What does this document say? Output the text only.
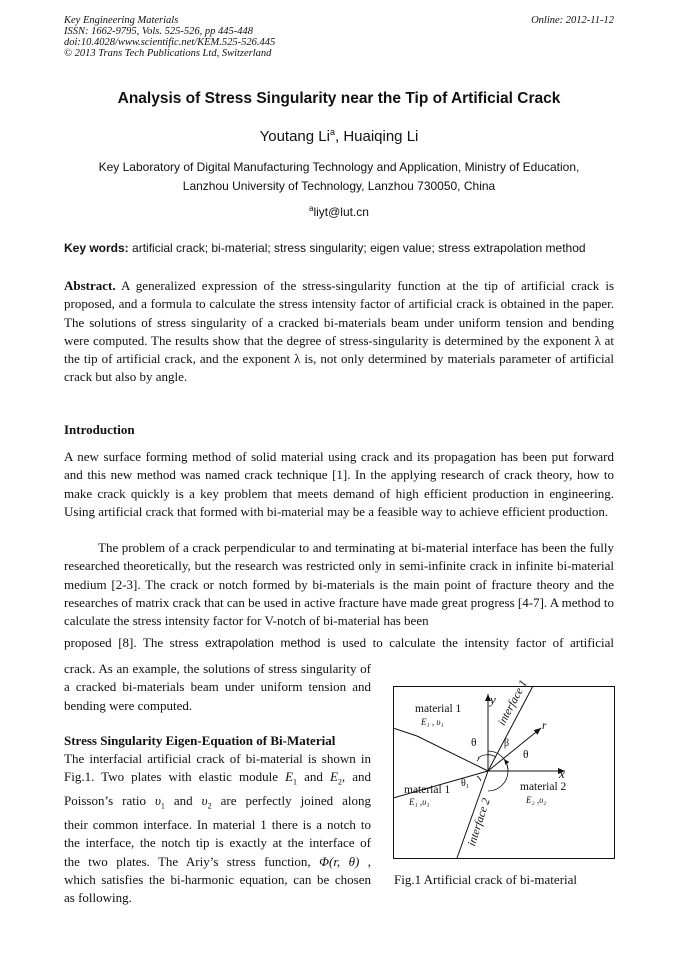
Key Engineering Materials
ISSN: 1662-9795, Vols. 525-526, pp 445-448
doi:10.4028/www.scientific.net/KEM.525-526.445
© 2013 Trans Tech Publications Ltd, Switzerland
Online: 2012-11-12
Analysis of Stress Singularity near the Tip of Artificial Crack
Youtang Li$^a$, Huaiqing Li
Key Laboratory of Digital Manufacturing Technology and Application, Ministry of Education,
Lanzhou University of Technology, Lanzhou 730050, China
$^a$liyt@lut.cn
Key words: artificial crack; bi-material; stress singularity; eigen value; stress extrapolation method
Abstract. A generalized expression of the stress-singularity function at the tip of artificial crack is proposed, and a formula to calculate the stress intensity factor of artificial crack is obtained in the paper. The solutions of stress singularity of a cracked bi-materials beam under uniform tension and bending were computed. The results show that the degree of stress-singularity is determined by the exponent λ at the tip of artificial crack, and the exponent λ is, not only determined by materials parameter of artificial crack but also by angle.
Introduction
A new surface forming method of solid material using crack and its propagation has been put forward and this new method was named crack technique [1]. In the applying research of crack theory, how to make crack quickly is a key problem that meets demand of high efficient production in engineering. Using artificial crack that formed with bi-material may be a feasible way to achieve efficient production.
The problem of a crack perpendicular to and terminating at bi-material interface has been the fully researched theoretically, but the research was restricted only in semi-infinite crack in infinite bi-material medium [2-3]. The crack or notch formed by bi-materials is the main point of fracture theory and the researches of matrix crack that can be used in active fracture have made great progress [4-7]. A method to calculate the stress intensity factor for V-notch of bi-material has been
proposed [8]. The stress extrapolation method is used to calculate the intensity factor of artificial
crack. As an example, the solutions of stress singularity of a cracked bi-materials beam under uniform tension and bending were computed.
Stress Singularity Eigen-Equation of Bi-Material
The interfacial artificial crack of bi-material is shown in
Fig.1. Two plates with elastic module $E_1$ and $E_2$, and
Poisson’s ratio $\upsilon_1$ and $\upsilon_2$ are perfectly joined along
their common interface. In material 1 there is a notch to
the interface, the notch tip is exactly at the interface of
the two plates. The Ariy’s stress function, Φ(r, θ) ,
which satisfies the bi-harmonic equation, can be chosen
as following.
material 1
E₁ , υ₁
material 1
E₁ ,υ₁
material 2
E₂ ,υ₂
interface 1
interface 2
x
y
r
θ
θ	β
θ₁
Fig.1 Artificial crack of bi-material
